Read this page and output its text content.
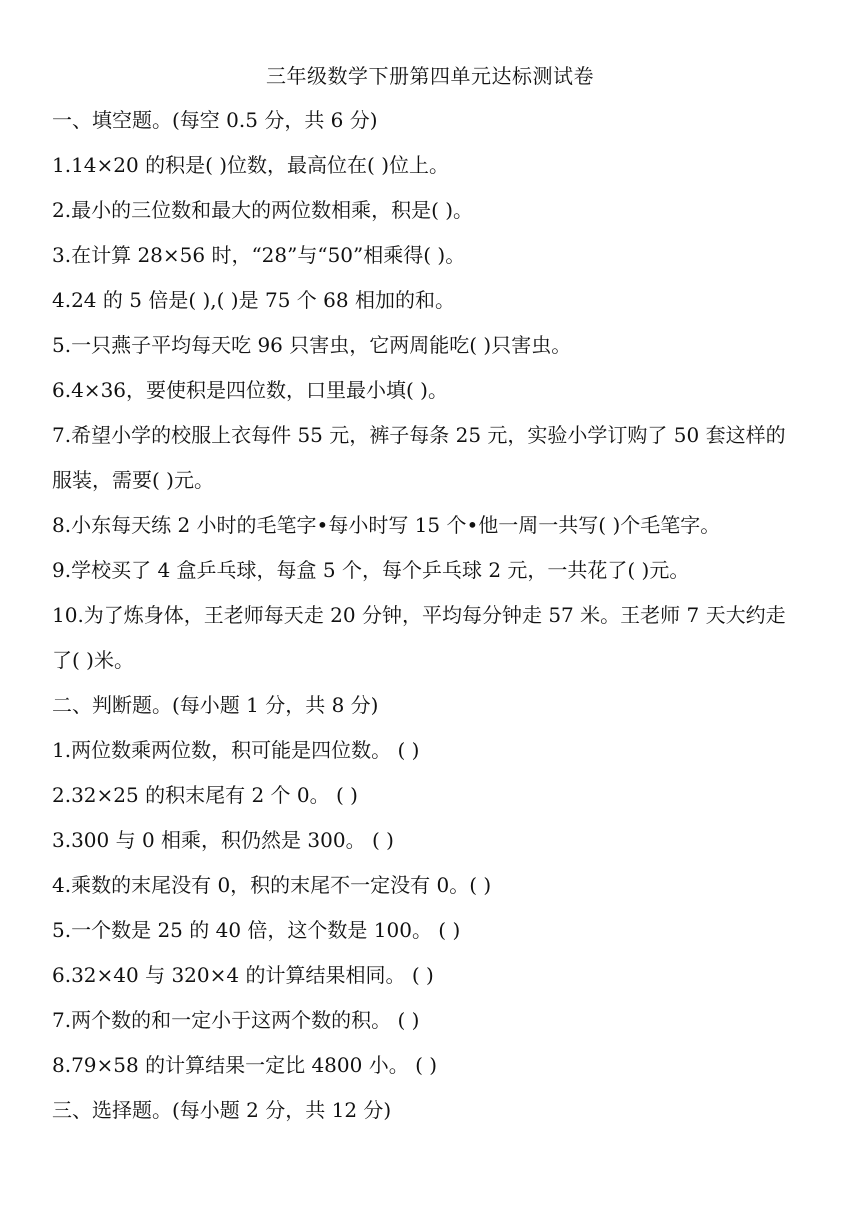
三年级数学下册第四单元达标测试卷
一、填空题。(每空 0.5 分，共 6 分)
1.14×20 的积是( )位数，最高位在( )位上。
2.最小的三位数和最大的两位数相乘，积是( )。
3.在计算 28×56 时，“28”与“50”相乘得( )。
4.24 的 5 倍是( ),( )是 75 个 68 相加的和。
5.一只燕子平均每天吃 96 只害虫，它两周能吃( )只害虫。
6.4×36，要使积是四位数，口里最小填( )。
7.希望小学的校服上衣每件 55 元，裤子每条 25 元，实验小学订购了 50 套这样的
服装，需要( )元。
8.小东每天练 2 小时的毛笔字•每小时写 15 个•他一周一共写( )个毛笔字。
9.学校买了 4 盒乒乓球，每盒 5 个，每个乒乓球 2 元，一共花了( )元。
10.为了炼身体，王老师每天走 20 分钟，平均每分钟走 57 米。王老师 7 天大约走
了( )米。
二、判断题。(每小题 1 分，共 8 分)
1.两位数乘两位数，积可能是四位数。 ( )
2.32×25 的积末尾有 2 个 0。 ( )
3.300 与 0 相乘，积仍然是 300。 ( )
4.乘数的末尾没有 0，积的末尾不一定没有 0。( )
5.一个数是 25 的 40 倍，这个数是 100。 ( )
6.32×40 与 320×4 的计算结果相同。 ( )
7.两个数的和一定小于这两个数的积。 ( )
8.79×58 的计算结果一定比 4800 小。 ( )
三、选择题。(每小题 2 分，共 12 分)
